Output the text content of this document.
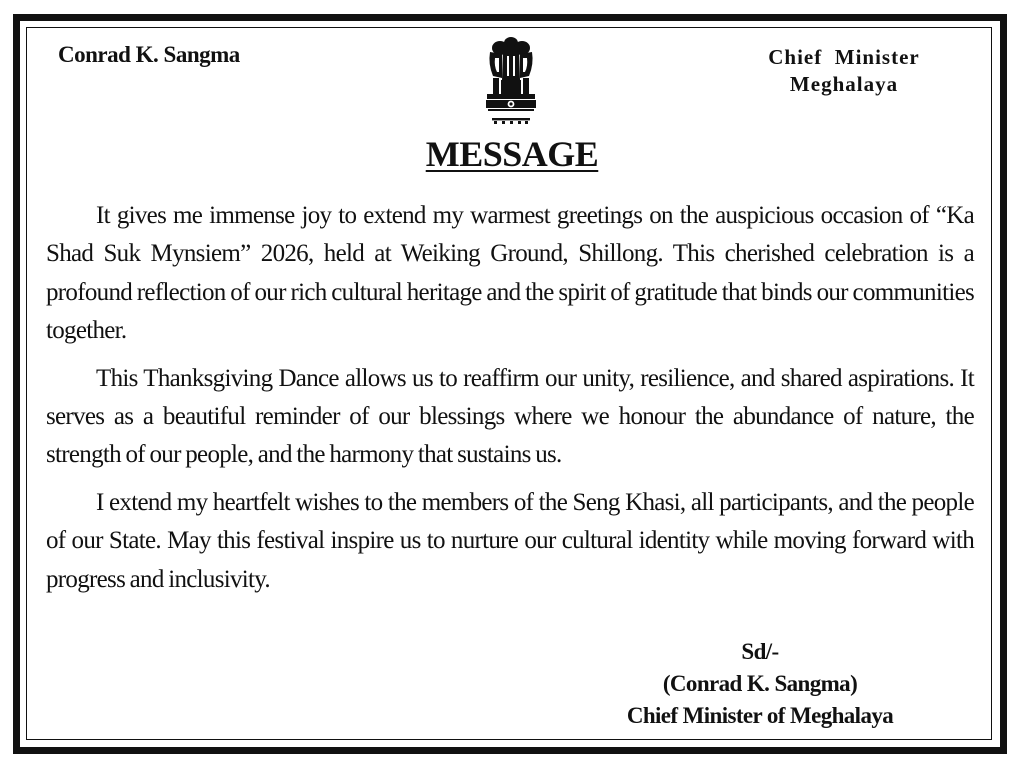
Conrad K. Sangma	Chief  Minister
Meghalaya
MESSAGE

It gives me immense joy to extend my warmest greetings on the auspicious occasion of “Ka Shad Suk Mynsiem” 2026, held at Weiking Ground, Shillong. This cherished celebration is a profound reflection of our rich cultural heritage and the spirit of gratitude that binds our communities together.

This Thanksgiving Dance allows us to reaffirm our unity, resilience, and shared aspirations. It serves as a beautiful reminder of our blessings where we honour the abundance of nature, the strength of our people, and the harmony that sustains us.

I extend my heartfelt wishes to the members of the Seng Khasi, all participants, and the people of our State. May this festival inspire us to nurture our cultural identity while moving forward with progress and inclusivity.

Sd/-
(Conrad K. Sangma)
Chief Minister of Meghalaya
